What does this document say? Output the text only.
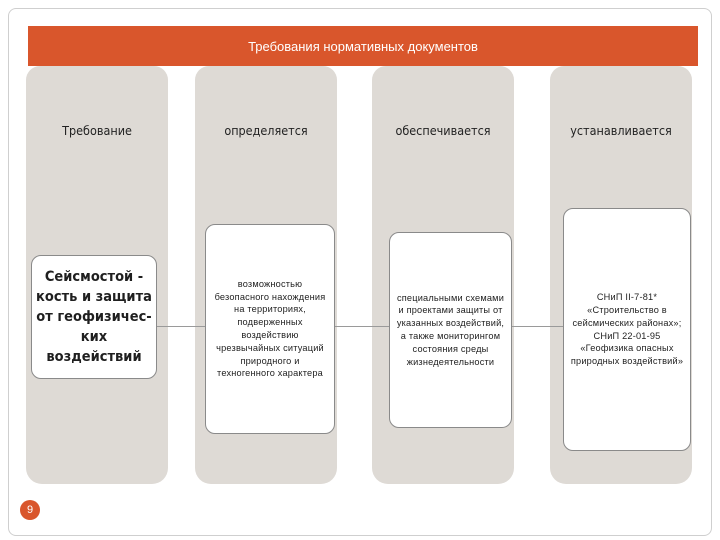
Требования нормативных документов
Требование	определяется	обеспечивается	устанавливается
Сейсмостой -
кость и защита
от геофизичес-
ких воздействий
возможностью
безопасного нахождения
на территориях,
подверженных
воздействию
чрезвычайных ситуаций
природного и
техногенного характера
специальными схемами
и проектами защиты от
указанных воздействий,
а также мониторингом
состояния среды
жизнедеятельности
СНиП II-7-81*
«Строительство в
сейсмических районах»;
СНиП 22-01-95
«Геофизика опасных
природных воздействий»
9
